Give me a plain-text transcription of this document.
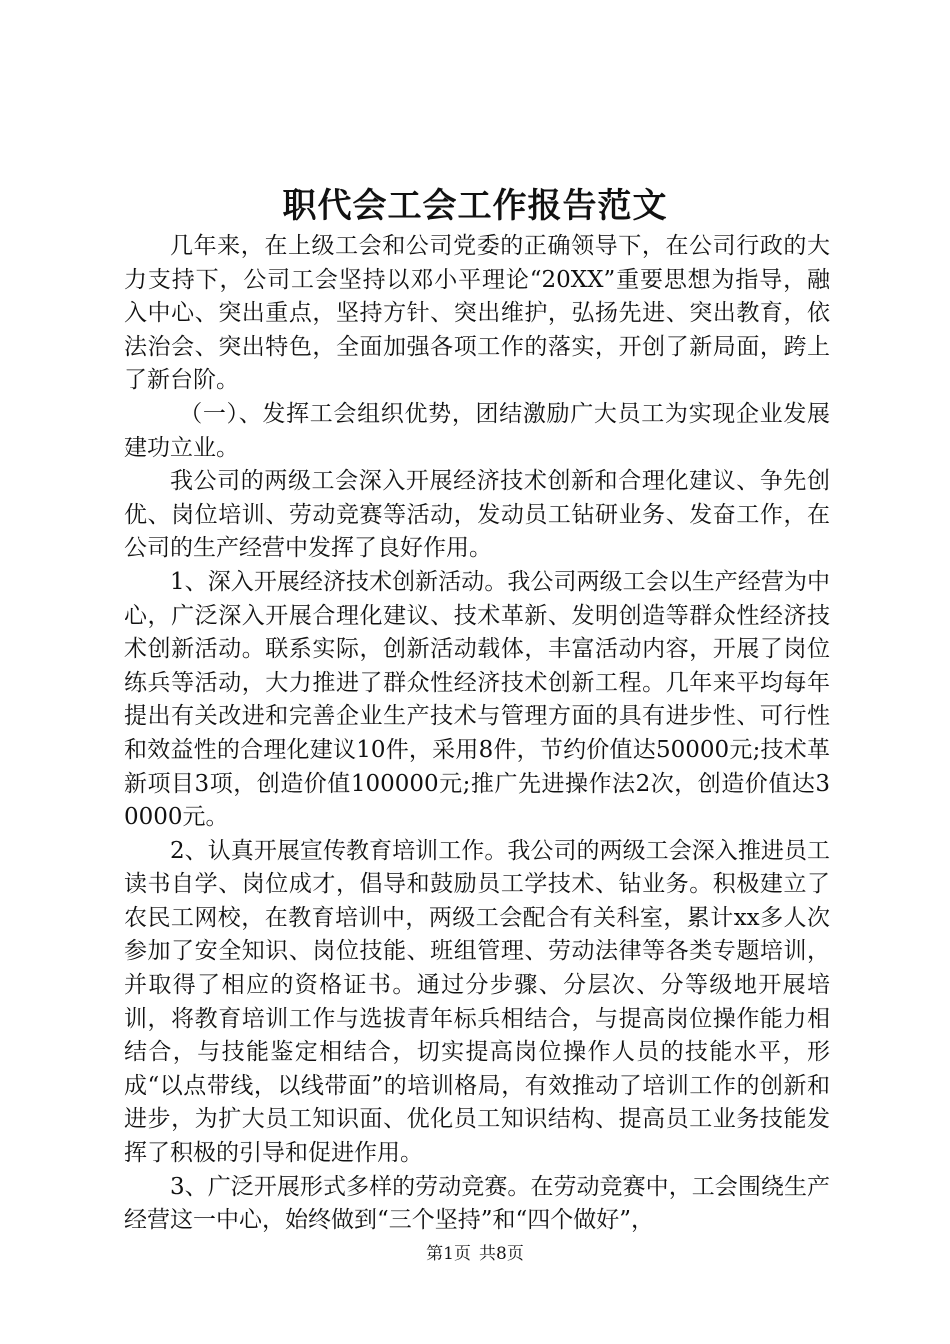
职代会工会工作报告范文

几年来，在上级工会和公司党委的正确领导下，在公司行政的大力支持下，公司工会坚持以邓小平理论“20XX”重要思想为指导，融入中心、突出重点，坚持方针、突出维护，弘扬先进、突出教育，依法治会、突出特色，全面加强各项工作的落实，开创了新局面，跨上了新台阶。

（一）、发挥工会组织优势，团结激励广大员工为实现企业发展建功立业。

我公司的两级工会深入开展经济技术创新和合理化建议、争先创优、岗位培训、劳动竞赛等活动，发动员工钻研业务、发奋工作，在公司的生产经营中发挥了良好作用。

1、深入开展经济技术创新活动。我公司两级工会以生产经营为中心，广泛深入开展合理化建议、技术革新、发明创造等群众性经济技术创新活动。联系实际，创新活动载体，丰富活动内容，开展了岗位练兵等活动，大力推进了群众性经济技术创新工程。几年来平均每年提出有关改进和完善企业生产技术与管理方面的具有进步性、可行性和效益性的合理化建议10件，采用8件，节约价值达50000元;技术革新项目3项，创造价值100000元;推广先进操作法2次，创造价值达30000元。

2、认真开展宣传教育培训工作。我公司的两级工会深入推进员工读书自学、岗位成才，倡导和鼓励员工学技术、钻业务。积极建立了农民工网校，在教育培训中，两级工会配合有关科室，累计xx多人次参加了安全知识、岗位技能、班组管理、劳动法律等各类专题培训，并取得了相应的资格证书。通过分步骤、分层次、分等级地开展培训，将教育培训工作与选拔青年标兵相结合，与提高岗位操作能力相结合，与技能鉴定相结合，切实提高岗位操作人员的技能水平，形成“以点带线，以线带面”的培训格局，有效推动了培训工作的创新和进步，为扩大员工知识面、优化员工知识结构、提高员工业务技能发挥了积极的引导和促进作用。

3、广泛开展形式多样的劳动竞赛。在劳动竞赛中，工会围绕生产经营这一中心，始终做到“三个坚持”和“四个做好”，

第1页 共8页
